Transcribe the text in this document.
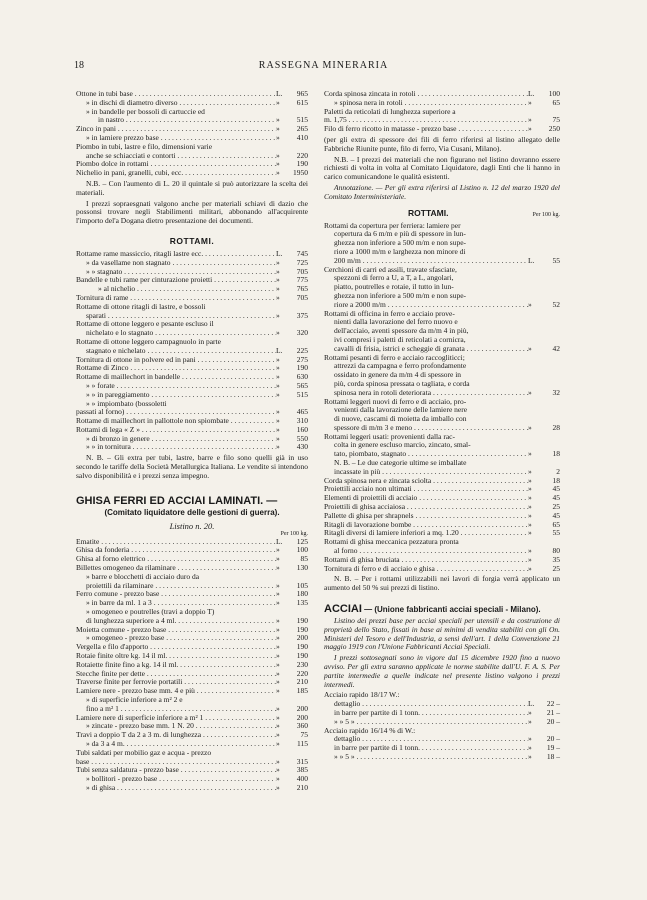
18	RASSEGNA MINERARIA
Ottone in tubi base . . .	L.	965
» in dischi di diametro diverso . . .	»	615
» in bandelle per bossoli di cartuccie ed
in nastro . . .	»	515
Zinco in pani . . .	»	265
» in lamiere prezzo base . . .	»	410
Piombo in tubi, lastre e filo, dimensioni varie
anche se schiacciati e contorti . . .	»	220
Piombo dolce in rottami . . .	»	190
Nichelio in pani, granelli, cubi, ecc. . . .	»	1950
N.B. – Con l'aumento di L. 20 il quintale si può autorizzare la scelta dei materiali.
I prezzi sopraesgnati valgono anche per materiali schiavi di dazio che possonsi trovare negli Stabilimenti militari, abbonando all'acquirente l'importo del'a Dogana dietro presentazione dei documenti.
ROTTAMI.
Rottame rame massiccio, ritagli lastre ecc. . . .	L.	745
» da vasellame non stagnato . . .	»	725
» » stagnato . . .	»	705
Bandelle e tubi rame per cinturazione proietti . . .	»	775
» al nichelio . . .	»	765
Tornitura di rame . . .	»	705
Rottame di ottone ritagli di lastre, e bossoli
sparati . . .	»	375
Rottame di ottone leggero e pesante escluso il
nichelato e lo stagnato . . .	»	320
Rottame di ottone leggero campagnuolo in parte
stagnato e nichelato . . .	L.	225
Tornitura di ottone in polvere ed in pani . . .	»	275
Rottame di Zinco . . .	»	190
Rottame di maillechort in bandelle . . .	»	630
» » forate . . .	»	565
» » in pareggiamento . . .	»	515
» » impiombato (bossoletti
passati al forno) . . .	»	465
Rottame di maillechort in pallottole non spiombate . . .	»	310
Rottami di lega « Z » . . .	»	160
» di bronzo in genere . . .	»	550
» » in tornitura . . .	»	430
N. B. – Gli extra per tubi, lastre, barre e filo sono quelli già in uso secondo le tariffe della Società Metallurgica Italiana. Le vendite si intendono salvo disponibilità e i prezzi senza impegno.
GHISA FERRI ED ACCIAI LAMINATI. —
(Comitato liquidatore delle gestioni di guerra).
Listino n. 20.
Per 100 kg.
Ematite . . .	L.	125
Ghisa da fonderia . . .	»	100
Ghisa al forno elettrico . . .	»	85
Billettes omogeneo da rilaminare . . .	»	130
» barre e blocchetti di acciaio duro da
proiettili da rilaminare . . .	»	105
Ferro comune - prezzo base . . .	»	180
» in barre da ml. 1 a 3 . . .	»	135
» omogeneo e poutrelles (travi a doppio T)
di lunghezza superiore a 4 ml. . . .	»	190
Moietta comune - prezzo base . . .	»	190
» omogeneo - prezzo base . . .	»	200
Vergella e filo d'apporto . . .	»	190
Rotaie finite oltre kg. 14 il ml. . . .	»	190
Rotaiette finite fino a kg. 14 il ml. . . .	»	230
Stecche finite per dette . . .	»	220
Traverse finite per ferrovie portatili . . .	»	210
Lamiere nere - prezzo base mm. 4 e più . . .	»	185
» di superficie inferiore a m² 2 e
fino a m² 1 . . .	»	200
Lamiere nere di superficie inferiore a m² 1 . . .	»	200
» zincate - prezzo base mm. 1 N. 20 . . .	»	360
Travi a doppio T da 2 a 3 m. di lunghezza . . .	»	75
» da 3 a 4 m. . . .	»	115
Tubi saldati per mobilio gaz e acqua - prezzo
base . . .	»	315
Tubi senza saldatura - prezzo base . . .	»	385
» bollitori - prezzo base . . .	»	400
» di ghisa . . .	»	210
Corda spinosa zincata in rotoli . . .	L.	100
» spinosa nera in rotoli . . .	»	65
Paletti da reticolati di lunghezza superiore a
m. 1,75 . . .	»	75
Filo di ferro ricotto in matasse - prezzo base . . .	»	250
(per gli extra di spessore dei fili di ferro riferirsi al listino allegato delle Fabbriche Riunite punte, filo di ferro, Via Cusani, Milano).
N.B. – I prezzi dei materiali che non figurano nel listino dovranno essere richiesti di volta in volta al Comitato Liquidatore, dagli Enti che li hanno in carico comunicandone le qualità esistenti.
Annotazione. — Per gli extra riferirsi al Listino n. 12 del marzo 1920 del Comitato Interministeriale.
ROTTAMI.	Per 100 kg.
Rottami da copertura per ferriera: lamiere per
copertura da 6 m/m e più di spessore in lun-
ghezza non inferiore a 500 m/m e non supe-
riore a 1000 m/m e larghezza non minore di
200 m/m . . .	L.	55
Cerchioni di carri ed assili, travate sfasciate,
spezzoni di ferro a U, a T, a L, angolari,
piatto, poutrelles e rotaie, il tutto in lun-
ghezza non inferiore a 500 m/m e non supe-
riore a 2000 m/m . . .	»	52
Rottami di officina in ferro e acciaio prove-
nienti dalla lavorazione del ferro nuovo e
dell'acciaio, aventi spessore da m/m 4 in più,
ivi compresi i paletti di reticolati a cornicra,
cavalli di frisia, istrici e scheggie di granata . . .	»	42
Rottami pesanti di ferro e acciaio raccogliticci;
attrezzi da campagna e ferro profondamente
ossidato in genere da m/m 4 di spessore in
più, corda spinosa pressata o tagliata, e corda
spinosa nera in rotoli deteriorata . . .	»	32
Rottami leggeri nuovi di ferro e di acciaio, pro-
venienti dalla lavorazione delle lamiere nere
di nuove, cascami di moietta da imballo con
spessore di m/m 3 e meno . . .	»	28
Rottami leggeri usati: provenienti dalla rac-
colta in genere escluso marcio, zincato, smal-
tato, piombato, stagnato . . .	»	18
N. B. – Le due categorie ultime se imballate
incassate in più . . .	»	2
Corda spinosa nera e zincata sciolta . . .	»	18
Proiettili acciaio non ultimati . . .	»	45
Elementi di proiettili di acciaio . . .	»	45
Proiettili di ghisa acciaiosa . . .	»	25
Pallette di ghisa per shrapnels . . .	»	45
Ritagli di lavorazione bombe . . .	»	65
Ritagli diversi di lamiere inferiori a mq. 1.20 . . .	»	55
Rottami di ghisa meccanica pezzatura pronta
al forno . . .	»	80
Rottami di ghisa bruciata . . .	»	35
Tornitura di ferro e di acciaio e ghisa . . .	»	25
N. B. – Per i rottami utilizzabili nei lavori di forgia verrà applicato un aumento del 50 % sui prezzi di listino.
ACCIAI — (Unione fabbricanti acciai speciali - Milano).
Listino dei prezzi base per acciai speciali per utensili e da costruzione di proprietà dello Stato, fissati in base ai minimi di vendita stabiliti con gli On. Ministeri del Tesoro e dell'Industria, a sensi dell'art. 1 della Convenzione 21 maggio 1919 con l'Unione Fabbricanti Acciai Speciali.
I prezzi sottosegnati sono in vigore dal 15 dicembre 1920 fino a nuovo avviso. Per gli extra saranno applicate le norme stabilite dall'U. F. A. S. Per partite intermedie a quelle indicate nel presente listino valgono i prezzi intermedi.
Acciaio rapido 18/17 W.:
dettaglio . . .	L.	22 –
in barre per partite di 1 tonn. . . .	»	21 –
» » 5 » . . .	»	20 –
Acciaio rapido 16/14 % di W.:
dettaglio . . .	»	20 –
in barre per partite di 1 tonn. . . .	»	19 –
» » 5 » . . .	»	18 –
